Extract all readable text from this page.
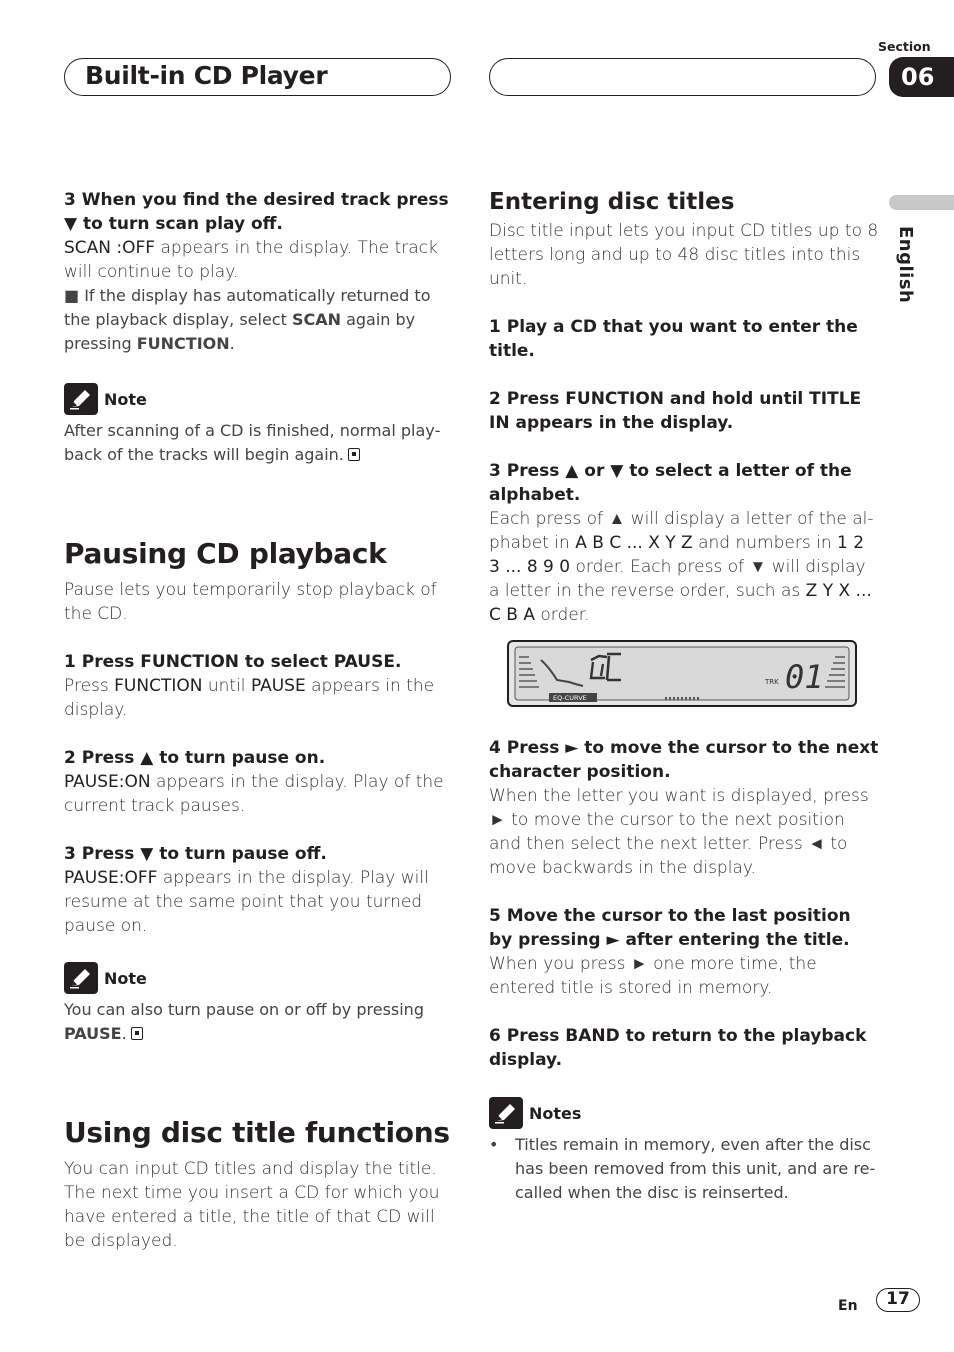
Built-in CD Player
Section
06
English

3 When you find the desired track press ▼ to turn scan play off.

SCAN :OFF appears in the display. The track will continue to play.

■ If the display has automatically returned to the playback display, select SCAN again by pressing FUNCTION.

Note

After scanning of a CD is finished, normal playback of the tracks will begin again.

Pausing CD playback

Pause lets you temporarily stop playback of the CD.

1 Press FUNCTION to select PAUSE.

Press FUNCTION until PAUSE appears in the display.

2 Press ▲ to turn pause on.

PAUSE:ON appears in the display. Play of the current track pauses.

3 Press ▼ to turn pause off.

PAUSE:OFF appears in the display. Play will resume at the same point that you turned pause on.

Note

You can also turn pause on or off by pressing PAUSE.

Using disc title functions

You can input CD titles and display the title. The next time you insert a CD for which you have entered a title, the title of that CD will be displayed.

Entering disc titles

Disc title input lets you input CD titles up to 8 letters long and up to 48 disc titles into this unit.

1 Play a CD that you want to enter the title.

2 Press FUNCTION and hold until TITLE IN appears in the display.

3 Press ▲ or ▼ to select a letter of the alphabet.

Each press of ▲ will display a letter of the alphabet in A B C ... X Y Z and numbers in 1 2 3 ... 8 9 0 order. Each press of ▼ will display a letter in the reverse order, such as Z Y X ... C B A order.

EQ-CURVE
TRK 01

4 Press ► to move the cursor to the next character position.

When the letter you want is displayed, press ► to move the cursor to the next position and then select the next letter. Press ◄ to move backwards in the display.

5 Move the cursor to the last position by pressing ► after entering the title.

When you press ► one more time, the entered title is stored in memory.

6 Press BAND to return to the playback display.

Notes
•	Titles remain in memory, even after the disc has been removed from this unit, and are recalled when the disc is reinserted.

En	17
